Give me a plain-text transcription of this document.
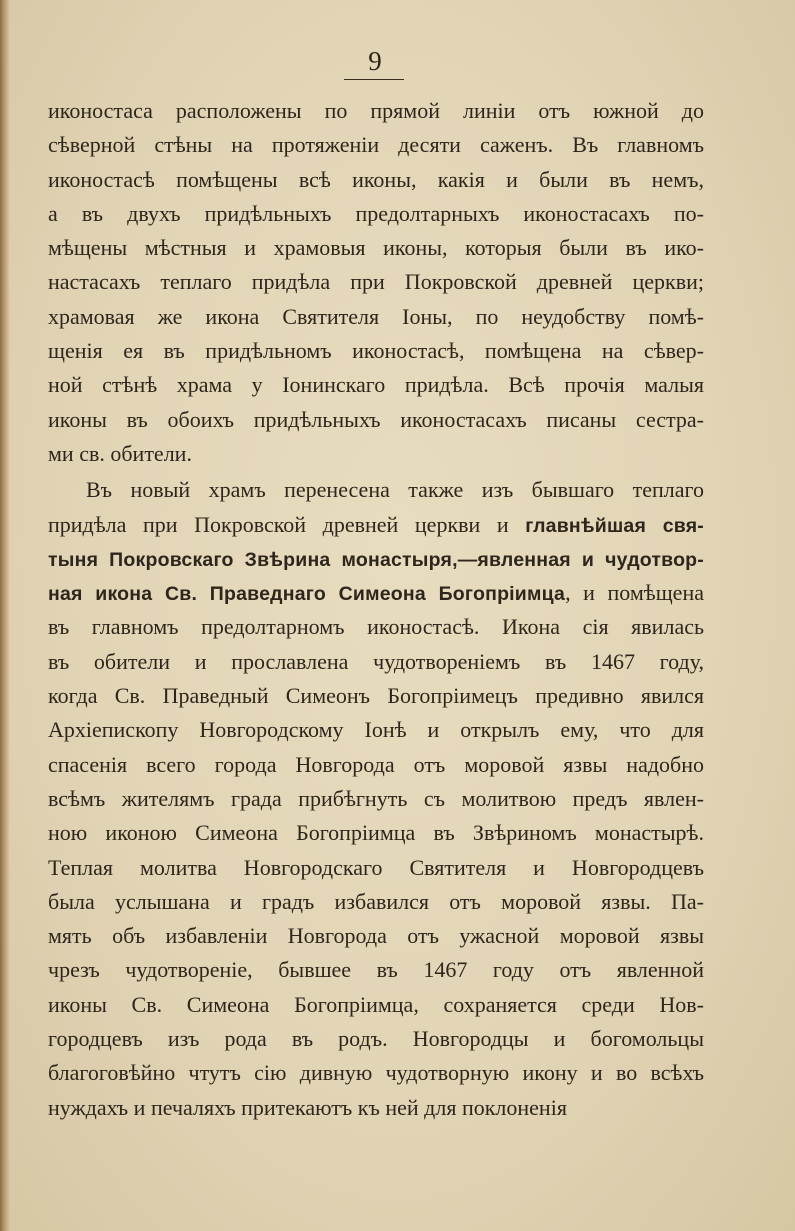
9
иконостаса расположены по прямой линіи отъ южной до
сѣверной стѣны на протяженіи десяти саженъ. Въ главномъ
иконостасѣ помѣщены всѣ иконы, какія и были въ немъ,
а въ двухъ придѣльныхъ предолтарныхъ иконостасахъ по-
мѣщены мѣстныя и храмовыя иконы, которыя были въ ико-
настасахъ теплаго придѣла при Покровской древней церкви;
храмовая же икона Святителя Іоны, по неудобству помѣ-
щенія ея въ придѣльномъ иконостасѣ, помѣщена на сѣвер-
ной стѣнѣ храма у Іонинскаго придѣла. Всѣ прочія малыя
иконы въ обоихъ придѣльныхъ иконостасахъ писаны сестра-
ми св. обители.
Въ новый храмъ перенесена также изъ бывшаго теплаго
придѣла при Покровской древней церкви и главнѣйшая свя-
тыня Покровскаго Звѣрина монастыря,—явленная и чудотвор-
ная икона Св. Праведнаго Симеона Богопріимца, и помѣщена
въ главномъ предолтарномъ иконостасѣ. Икона сія явилась
въ обители и прославлена чудотвореніемъ въ 1467 году,
когда Св. Праведный Симеонъ Богопріимецъ предивно явился
Архіепископу Новгородскому Іонѣ и открылъ ему, что для
спасенія всего города Новгорода отъ моровой язвы надобно
всѣмъ жителямъ града прибѣгнуть съ молитвою предъ явлен-
ною иконою Симеона Богопріимца въ Звѣриномъ монастырѣ.
Теплая молитва Новгородскаго Святителя и Новгородцевъ
была услышана и градъ избавился отъ моровой язвы. Па-
мять объ избавленіи Новгорода отъ ужасной моровой язвы
чрезъ чудотвореніе, бывшее въ 1467 году отъ явленной
иконы Св. Симеона Богопріимца, сохраняется среди Нов-
городцевъ изъ рода въ родъ. Новгородцы и богомольцы
благоговѣйно чтутъ сію дивную чудотворную икону и во всѣхъ
нуждахъ и печаляхъ притекаютъ къ ней для поклоненія
